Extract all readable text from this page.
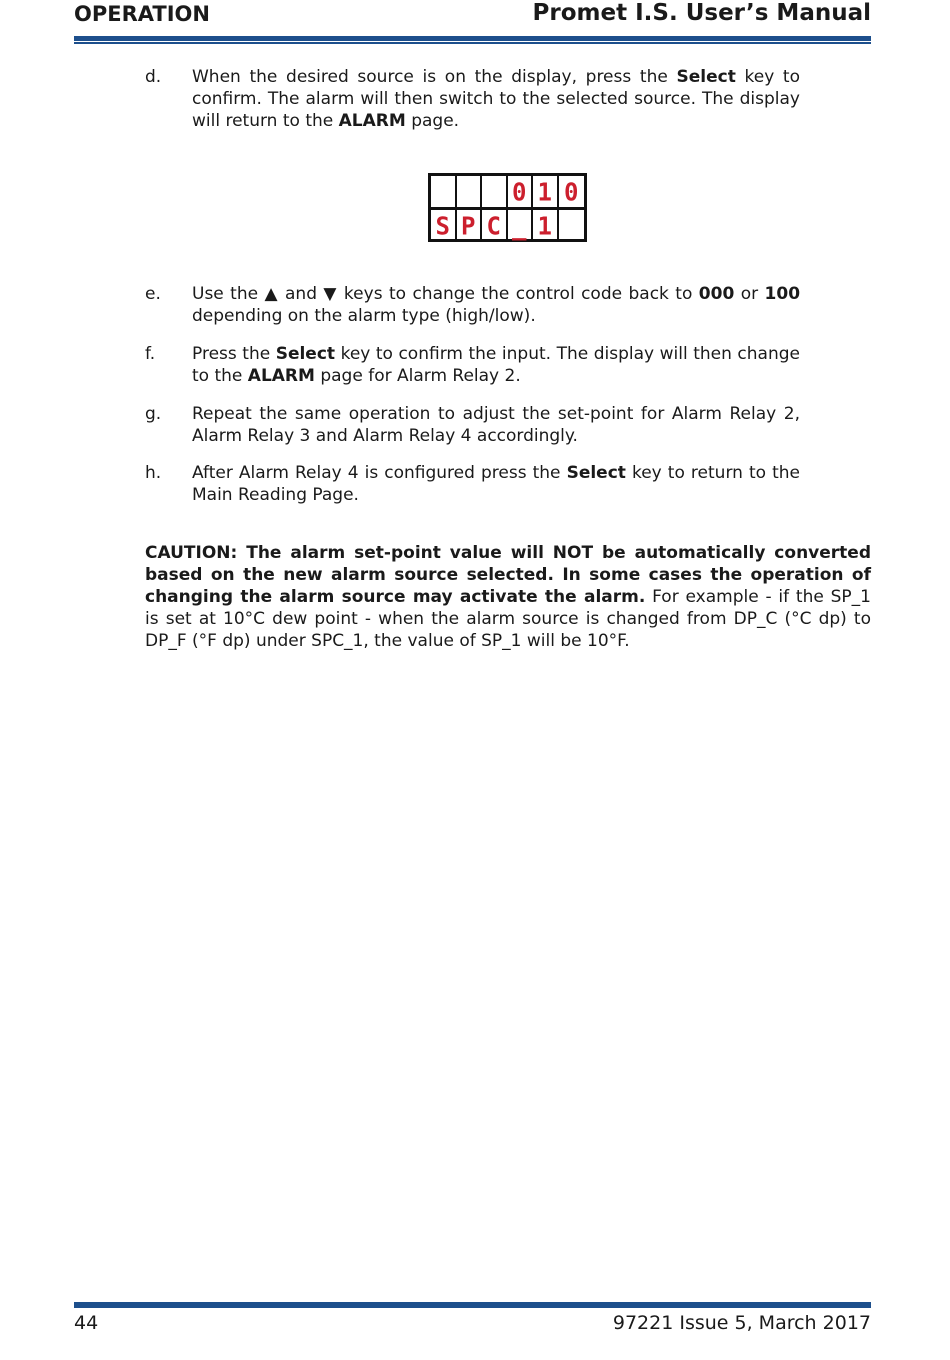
OPERATION	Promet I.S. User’s Manual
d. When the desired source is on the display, press the Select key to confirm. The alarm will then switch to the selected source. The display will return to the ALARM page.
0 1 0
S P C _ 1
e. Use the ▲ and ▼ keys to change the control code back to 000 or 100 depending on the alarm type (high/low).
f. Press the Select key to confirm the input. The display will then change to the ALARM page for Alarm Relay 2.
g. Repeat the same operation to adjust the set-point for Alarm Relay 2, Alarm Relay 3 and Alarm Relay 4 accordingly.
h. After Alarm Relay 4 is configured press the Select key to return to the Main Reading Page.
CAUTION: The alarm set-point value will NOT be automatically converted based on the new alarm source selected. In some cases the operation of changing the alarm source may activate the alarm. For example - if the SP_1 is set at 10°C dew point - when the alarm source is changed from DP_C (°C dp) to DP_F (°F dp) under SPC_1, the value of SP_1 will be 10°F.
44	97221 Issue 5, March 2017
